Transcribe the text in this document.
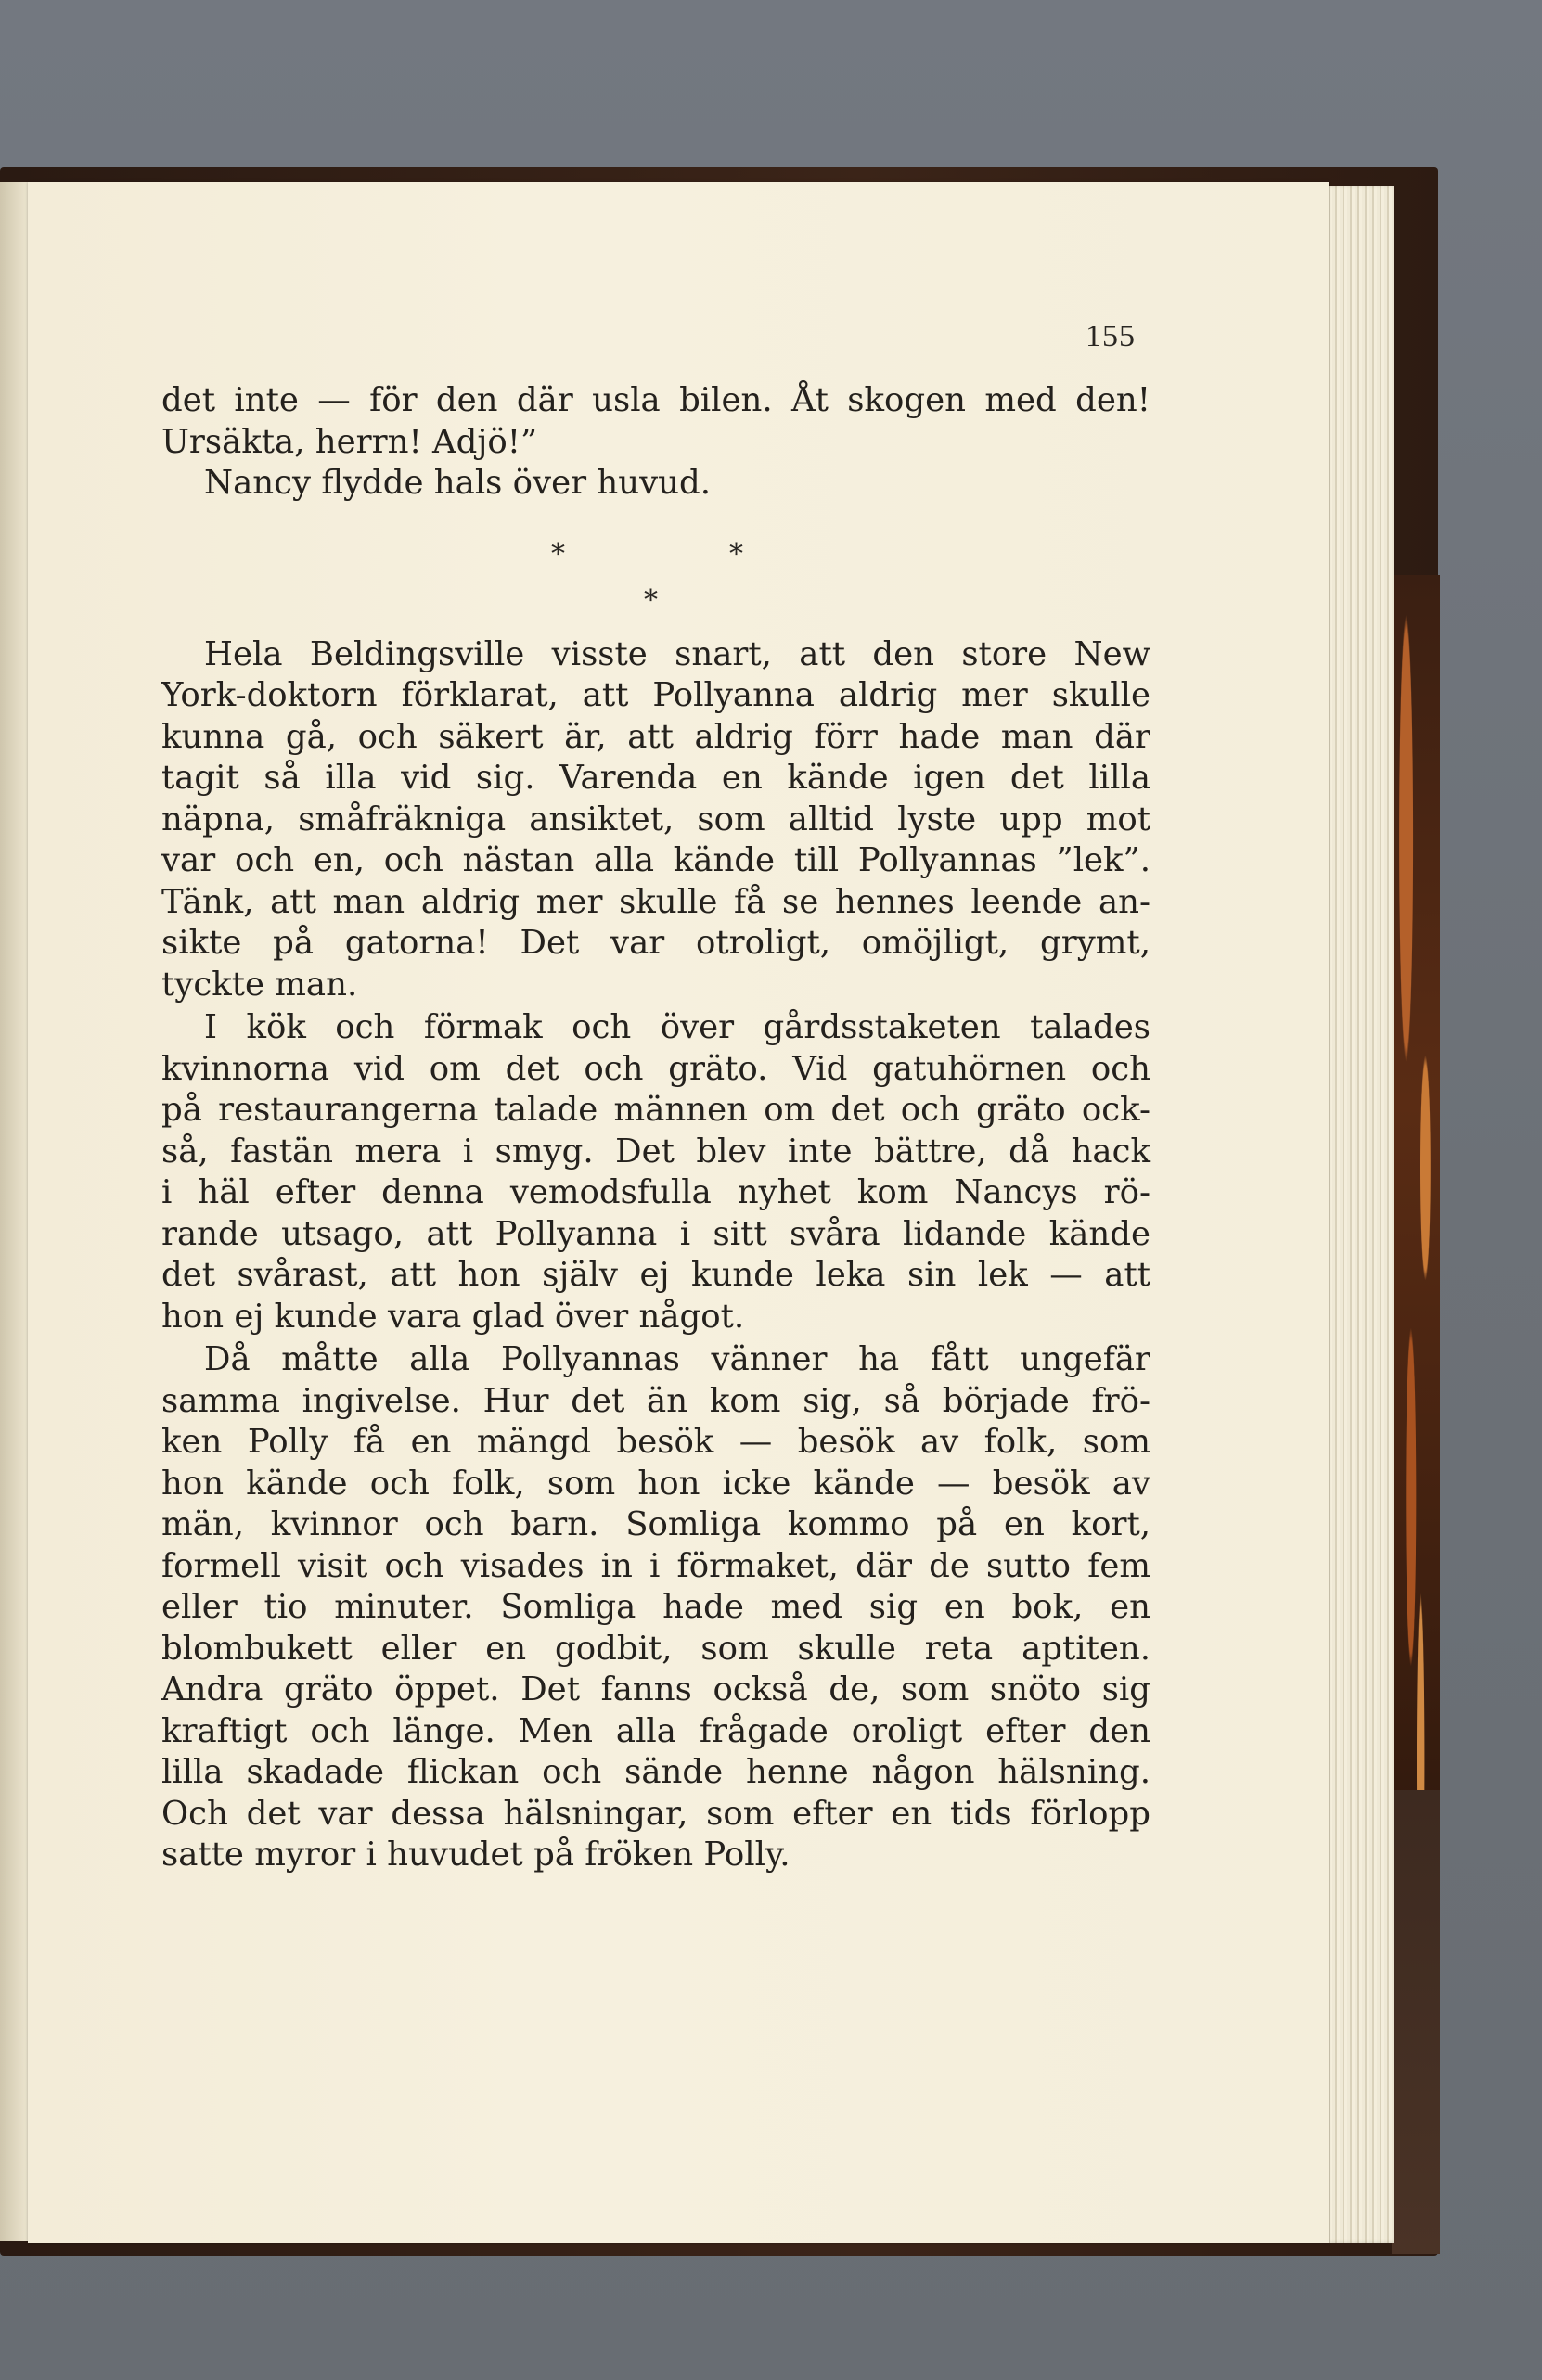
155
det inte — för den där usla bilen. Åt skogen med den!
Ursäkta, herrn! Adjö!”
Nancy flydde hals över huvud.
*	*
*
Hela Beldingsville visste snart, att den store New
York-doktorn förklarat, att Pollyanna aldrig mer skulle
kunna gå, och säkert är, att aldrig förr hade man där
tagit så illa vid sig. Varenda en kände igen det lilla
näpna, småfräkniga ansiktet, som alltid lyste upp mot
var och en, och nästan alla kände till Pollyannas ”lek”.
Tänk, att man aldrig mer skulle få se hennes leende an-
sikte på gatorna! Det var otroligt, omöjligt, grymt,
tyckte man.
I kök och förmak och över gårdsstaketen talades
kvinnorna vid om det och gräto. Vid gatuhörnen och
på restaurangerna talade männen om det och gräto ock-
så, fastän mera i smyg. Det blev inte bättre, då hack
i häl efter denna vemodsfulla nyhet kom Nancys rö-
rande utsago, att Pollyanna i sitt svåra lidande kände
det svårast, att hon själv ej kunde leka sin lek — att
hon ej kunde vara glad över något.
Då måtte alla Pollyannas vänner ha fått ungefär
samma ingivelse. Hur det än kom sig, så började frö-
ken Polly få en mängd besök — besök av folk, som
hon kände och folk, som hon icke kände — besök av
män, kvinnor och barn. Somliga kommo på en kort,
formell visit och visades in i förmaket, där de sutto fem
eller tio minuter. Somliga hade med sig en bok, en
blombukett eller en godbit, som skulle reta aptiten.
Andra gräto öppet. Det fanns också de, som snöto sig
kraftigt och länge. Men alla frågade oroligt efter den
lilla skadade flickan och sände henne någon hälsning.
Och det var dessa hälsningar, som efter en tids förlopp
satte myror i huvudet på fröken Polly.
